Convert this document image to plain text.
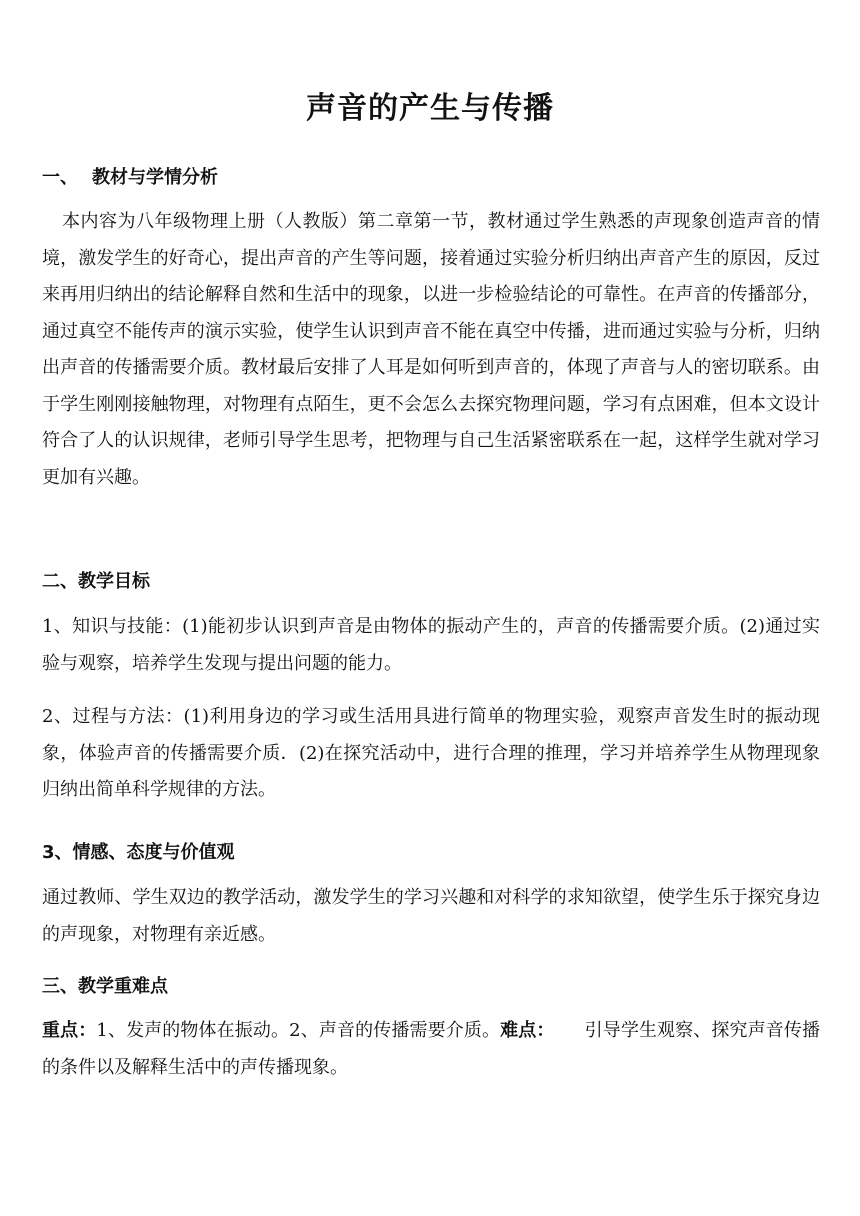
声音的产生与传播
一、 教材与学情分析
本内容为八年级物理上册（人教版）第二章第一节，教材通过学生熟悉的声现象创造声音的情境，激发学生的好奇心，提出声音的产生等问题，接着通过实验分析归纳出声音产生的原因，反过来再用归纳出的结论解释自然和生活中的现象，以进一步检验结论的可靠性。在声音的传播部分，通过真空不能传声的演示实验，使学生认识到声音不能在真空中传播，进而通过实验与分析，归纳出声音的传播需要介质。教材最后安排了人耳是如何听到声音的，体现了声音与人的密切联系。由于学生刚刚接触物理，对物理有点陌生，更不会怎么去探究物理问题，学习有点困难，但本文设计符合了人的认识规律，老师引导学生思考，把物理与自己生活紧密联系在一起，这样学生就对学习更加有兴趣。
二、教学目标
1、知识与技能：(1)能初步认识到声音是由物体的振动产生的，声音的传播需要介质。(2)通过实验与观察，培养学生发现与提出问题的能力。
2、过程与方法：(1)利用身边的学习或生活用具进行简单的物理实验，观察声音发生时的振动现象，体验声音的传播需要介质．(2)在探究活动中，进行合理的推理，学习并培养学生从物理现象归纳出简单科学规律的方法。
3、情感、态度与价值观
通过教师、学生双边的教学活动，激发学生的学习兴趣和对科学的求知欲望，使学生乐于探究身边的声现象，对物理有亲近感。
三、教学重难点
重点：1、发声的物体在振动。2、声音的传播需要介质。难点： 引导学生观察、探究声音传播的条件以及解释生活中的声传播现象。
